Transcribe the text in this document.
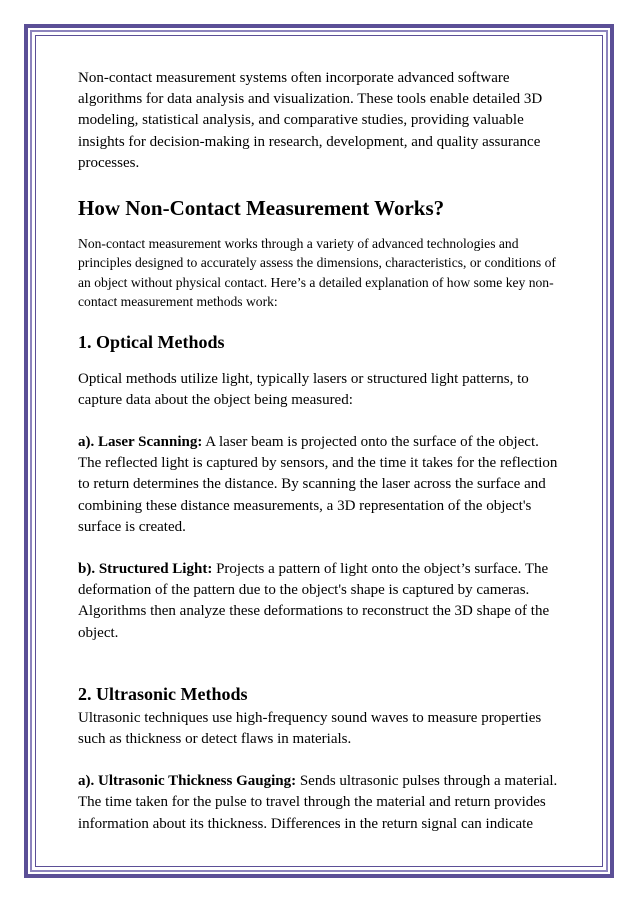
Non-contact measurement systems often incorporate advanced software algorithms for data analysis and visualization. These tools enable detailed 3D modeling, statistical analysis, and comparative studies, providing valuable insights for decision-making in research, development, and quality assurance processes.

How Non-Contact Measurement Works?

Non-contact measurement works through a variety of advanced technologies and principles designed to accurately assess the dimensions, characteristics, or conditions of an object without physical contact. Here’s a detailed explanation of how some key non-contact measurement methods work:

1. Optical Methods

Optical methods utilize light, typically lasers or structured light patterns, to capture data about the object being measured:

a). Laser Scanning: A laser beam is projected onto the surface of the object. The reflected light is captured by sensors, and the time it takes for the reflection to return determines the distance. By scanning the laser across the surface and combining these distance measurements, a 3D representation of the object's surface is created.

b). Structured Light: Projects a pattern of light onto the object’s surface. The deformation of the pattern due to the object's shape is captured by cameras. Algorithms then analyze these deformations to reconstruct the 3D shape of the object.

2. Ultrasonic Methods

Ultrasonic techniques use high-frequency sound waves to measure properties such as thickness or detect flaws in materials.

a). Ultrasonic Thickness Gauging: Sends ultrasonic pulses through a material. The time taken for the pulse to travel through the material and return provides information about its thickness. Differences in the return signal can indicate
